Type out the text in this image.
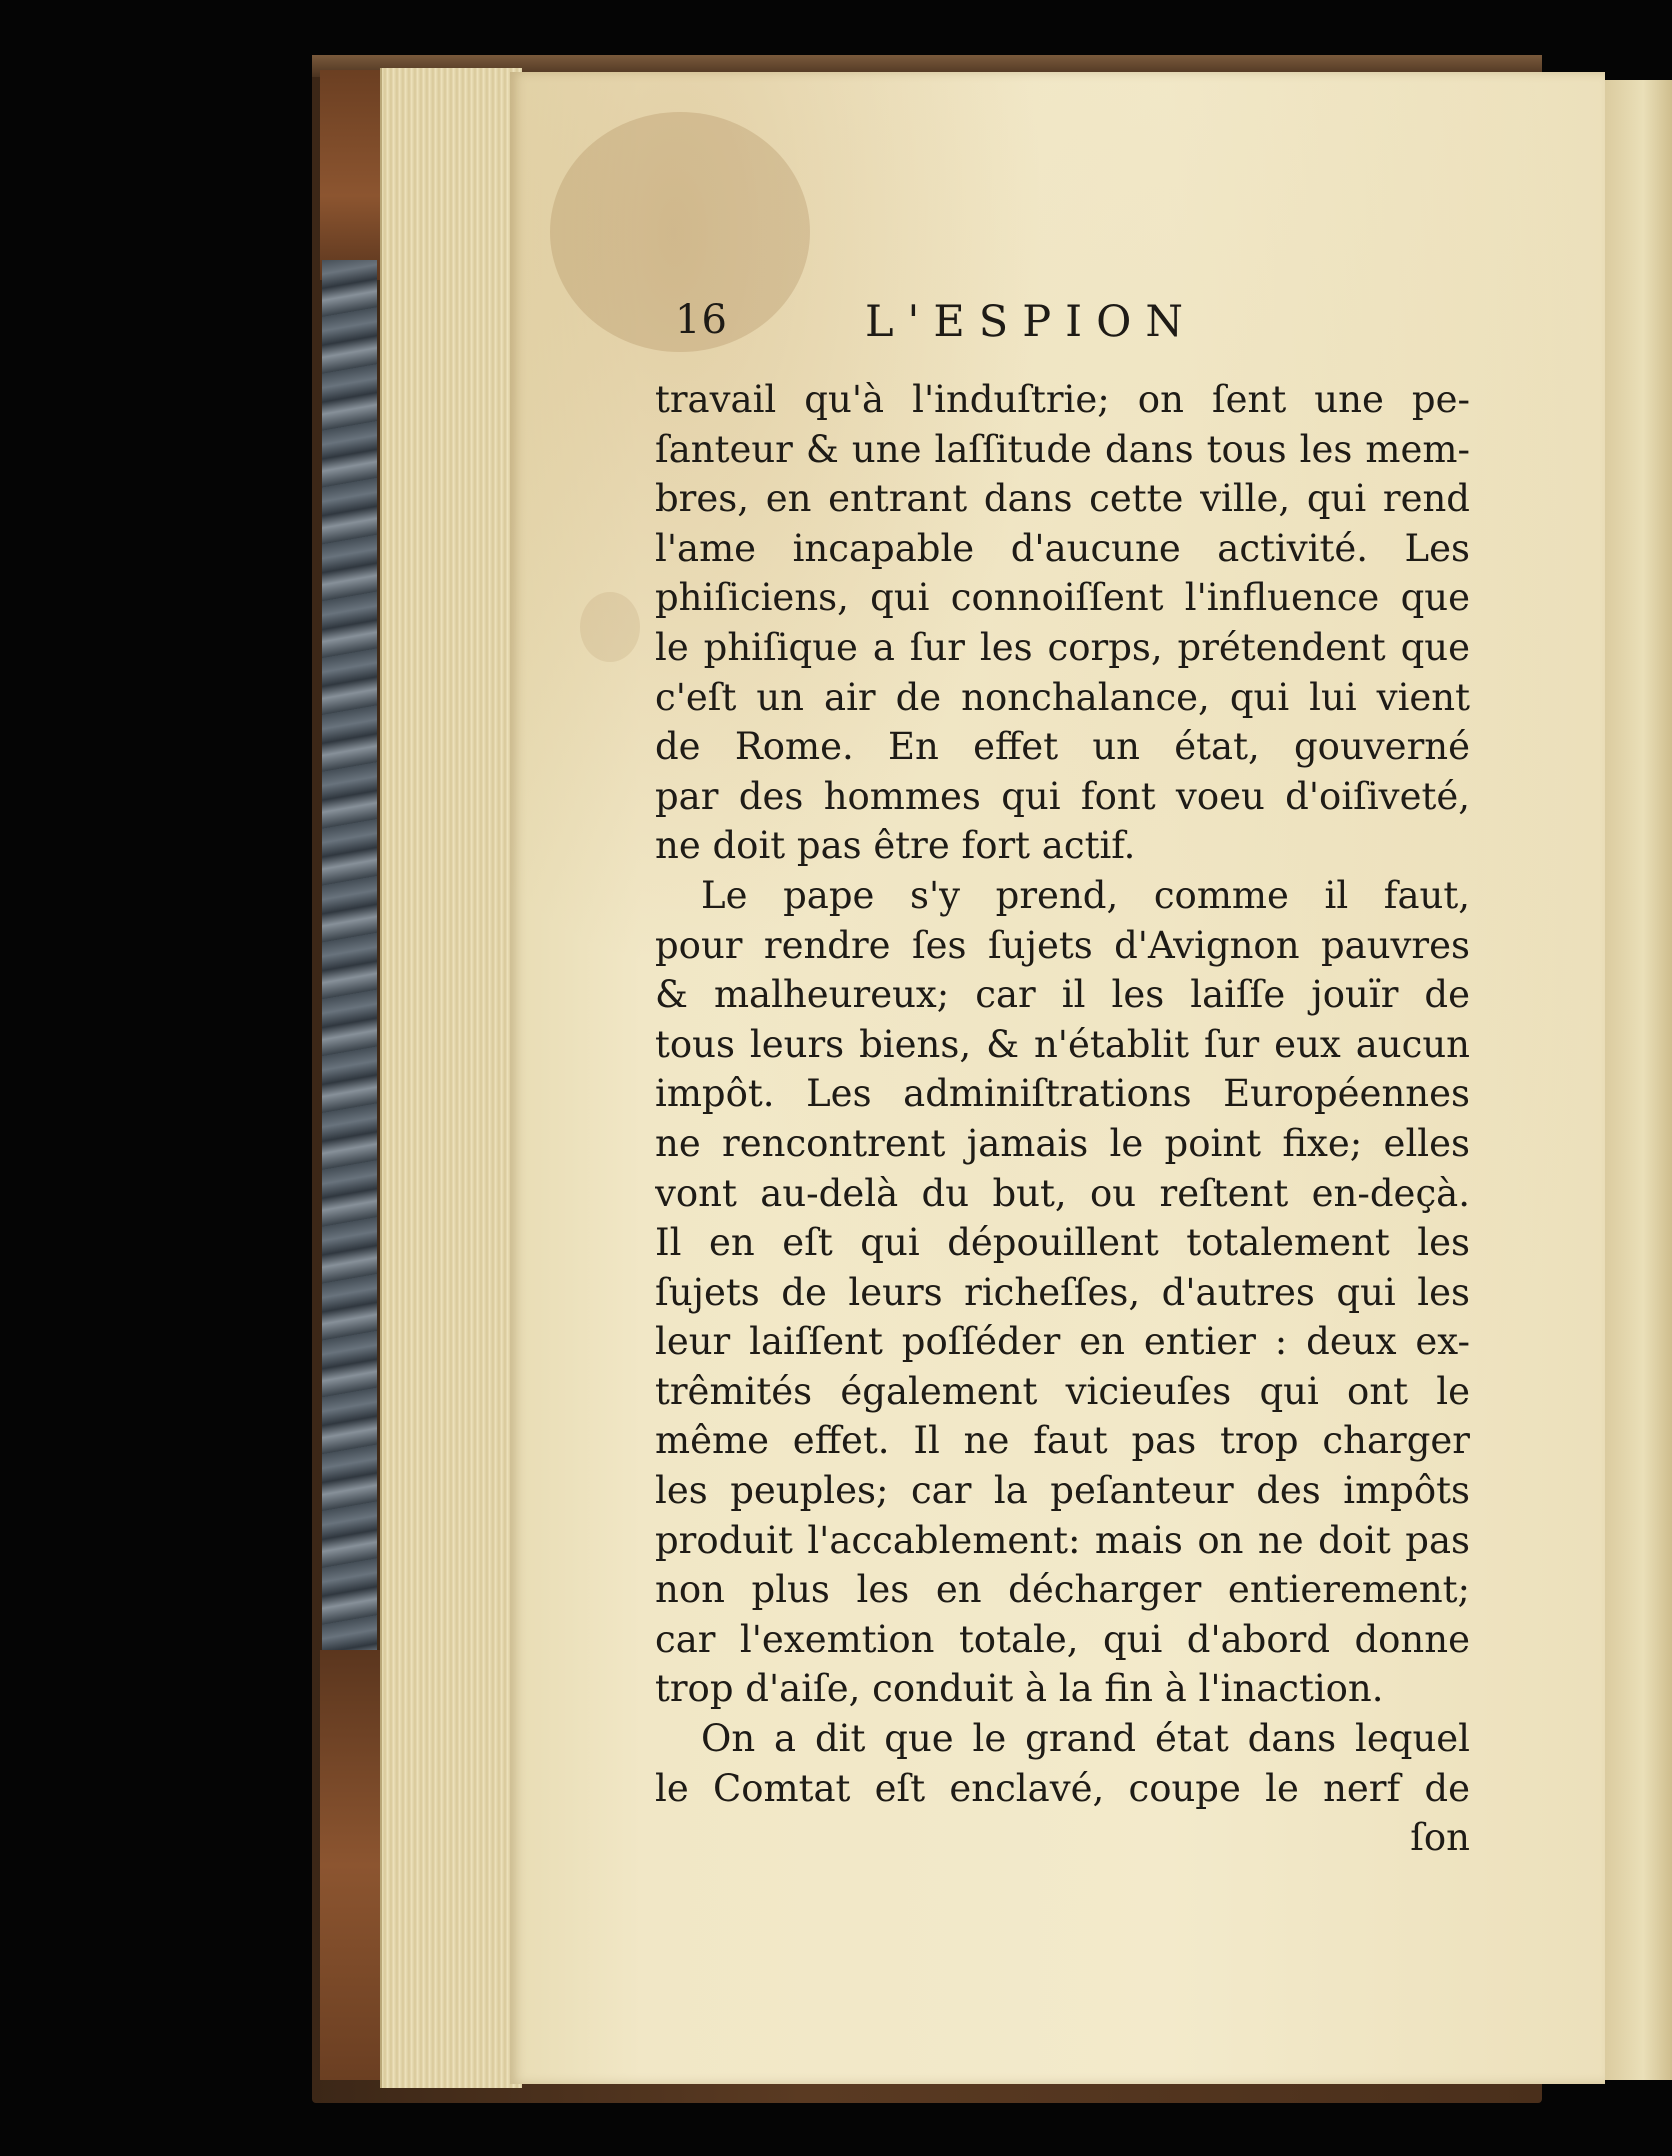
16	L'ESPION
travail qu'à l'induſtrie; on ſent une pe-
ſanteur & une laſſitude dans tous les mem-
bres, en entrant dans cette ville, qui rend
l'ame incapable d'aucune activité. Les
phiſiciens, qui connoiſſent l'influence que
le phiſique a ſur les corps, prétendent que
c'eſt un air de nonchalance, qui lui vient
de Rome. En effet un état, gouverné
par des hommes qui font voeu d'oiſiveté,
ne doit pas être fort actif.
Le pape s'y prend, comme il faut,
pour rendre ſes ſujets d'Avignon pauvres
& malheureux; car il les laiſſe jouïr de
tous leurs biens, & n'établit ſur eux aucun
impôt. Les adminiſtrations Européennes
ne rencontrent jamais le point fixe; elles
vont au-delà du but, ou reſtent en-deçà.
Il en eſt qui dépouillent totalement les
ſujets de leurs richeſſes, d'autres qui les
leur laiſſent poſſéder en entier : deux ex-
trêmités également vicieuſes qui ont le
même effet. Il ne faut pas trop charger
les peuples; car la peſanteur des impôts
produit l'accablement: mais on ne doit pas
non plus les en décharger entierement;
car l'exemtion totale, qui d'abord donne
trop d'aiſe, conduit à la fin à l'inaction.
On a dit que le grand état dans lequel
le Comtat eſt enclavé, coupe le nerf de
ſon
